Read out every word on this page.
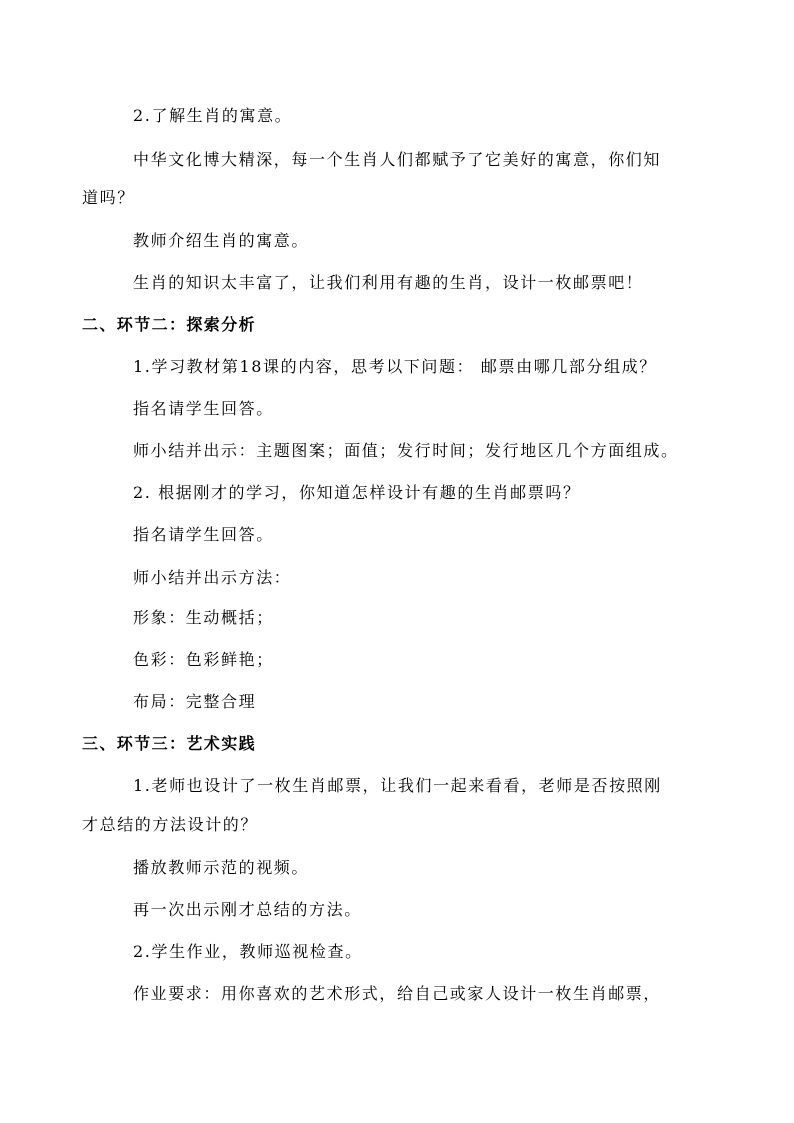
2.了解生肖的寓意。
中华文化博大精深，每一个生肖人们都赋予了它美好的寓意，你们知
道吗？
教师介绍生肖的寓意。
生肖的知识太丰富了，让我们利用有趣的生肖，设计一枚邮票吧！
二、环节二：探索分析
1.学习教材第18课的内容，思考以下问题： 邮票由哪几部分组成？
指名请学生回答。
师小结并出示：主题图案；面值；发行时间；发行地区几个方面组成。
2. 根据刚才的学习，你知道怎样设计有趣的生肖邮票吗？
指名请学生回答。
师小结并出示方法：
形象：生动概括；
色彩：色彩鲜艳；
布局：完整合理
三、环节三：艺术实践
1.老师也设计了一枚生肖邮票，让我们一起来看看，老师是否按照刚
才总结的方法设计的？
播放教师示范的视频。
再一次出示刚才总结的方法。
2.学生作业，教师巡视检查。
作业要求：用你喜欢的艺术形式，给自己或家人设计一枚生肖邮票，
